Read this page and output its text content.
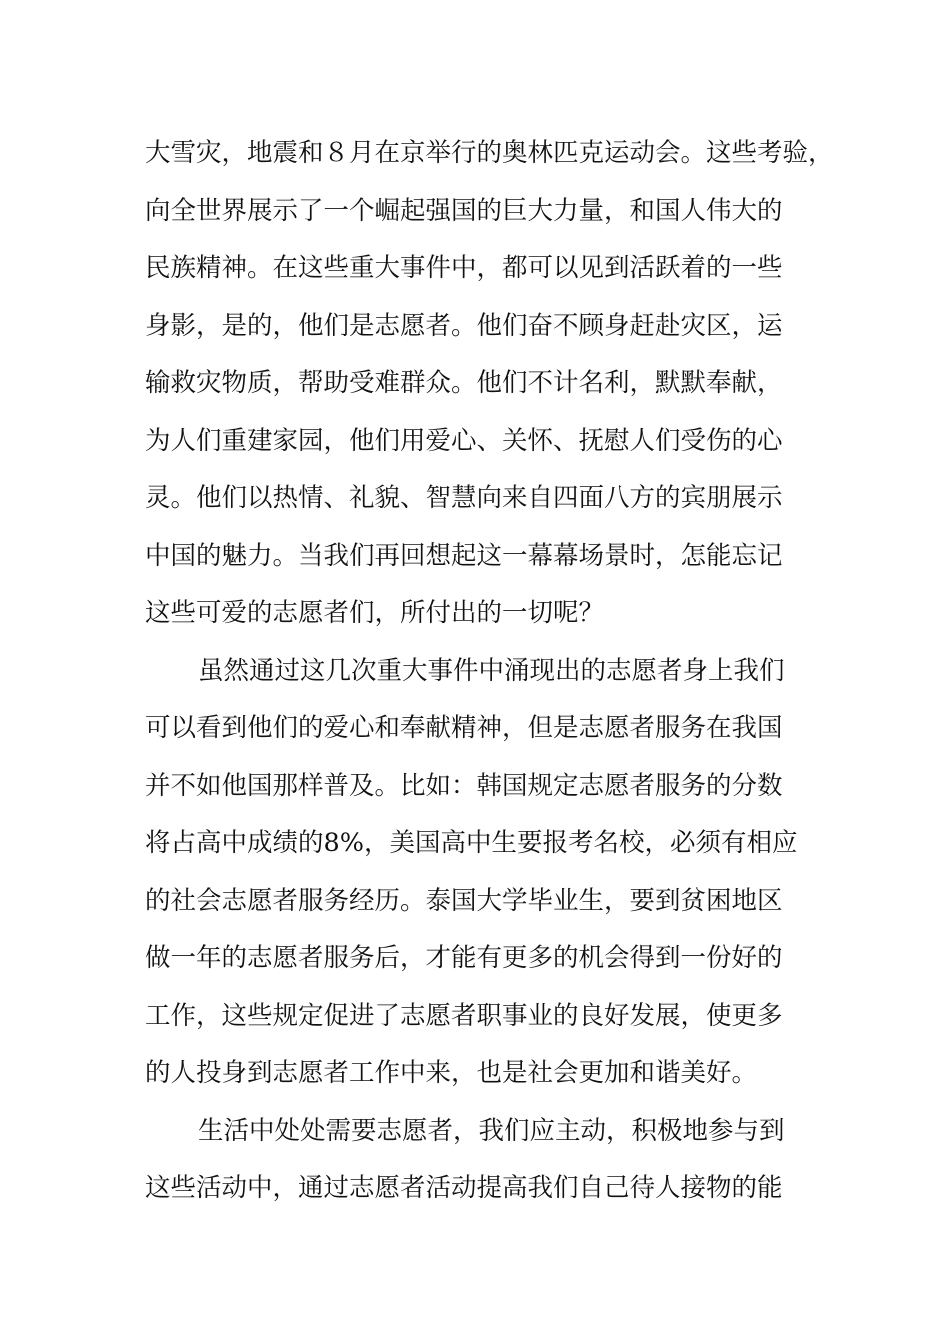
大雪灾，地震和８月在京举行的奥林匹克运动会。这些考验，
向全世界展示了一个崛起强国的巨大力量，和国人伟大的
民族精神。在这些重大事件中，都可以见到活跃着的一些
身影，是的，他们是志愿者。他们奋不顾身赶赴灾区，运
输救灾物质，帮助受难群众。他们不计名利，默默奉献，
为人们重建家园，他们用爱心、关怀、抚慰人们受伤的心
灵。他们以热情、礼貌、智慧向来自四面八方的宾朋展示
中国的魅力。当我们再回想起这一幕幕场景时，怎能忘记
这些可爱的志愿者们，所付出的一切呢？
虽然通过这几次重大事件中涌现出的志愿者身上我们
可以看到他们的爱心和奉献精神，但是志愿者服务在我国
并不如他国那样普及。比如：韩国规定志愿者服务的分数
将占高中成绩的8%，美国高中生要报考名校，必须有相应
的社会志愿者服务经历。泰国大学毕业生，要到贫困地区
做一年的志愿者服务后，才能有更多的机会得到一份好的
工作，这些规定促进了志愿者职事业的良好发展，使更多
的人投身到志愿者工作中来，也是社会更加和谐美好。
生活中处处需要志愿者，我们应主动，积极地参与到
这些活动中，通过志愿者活动提高我们自己待人接物的能
